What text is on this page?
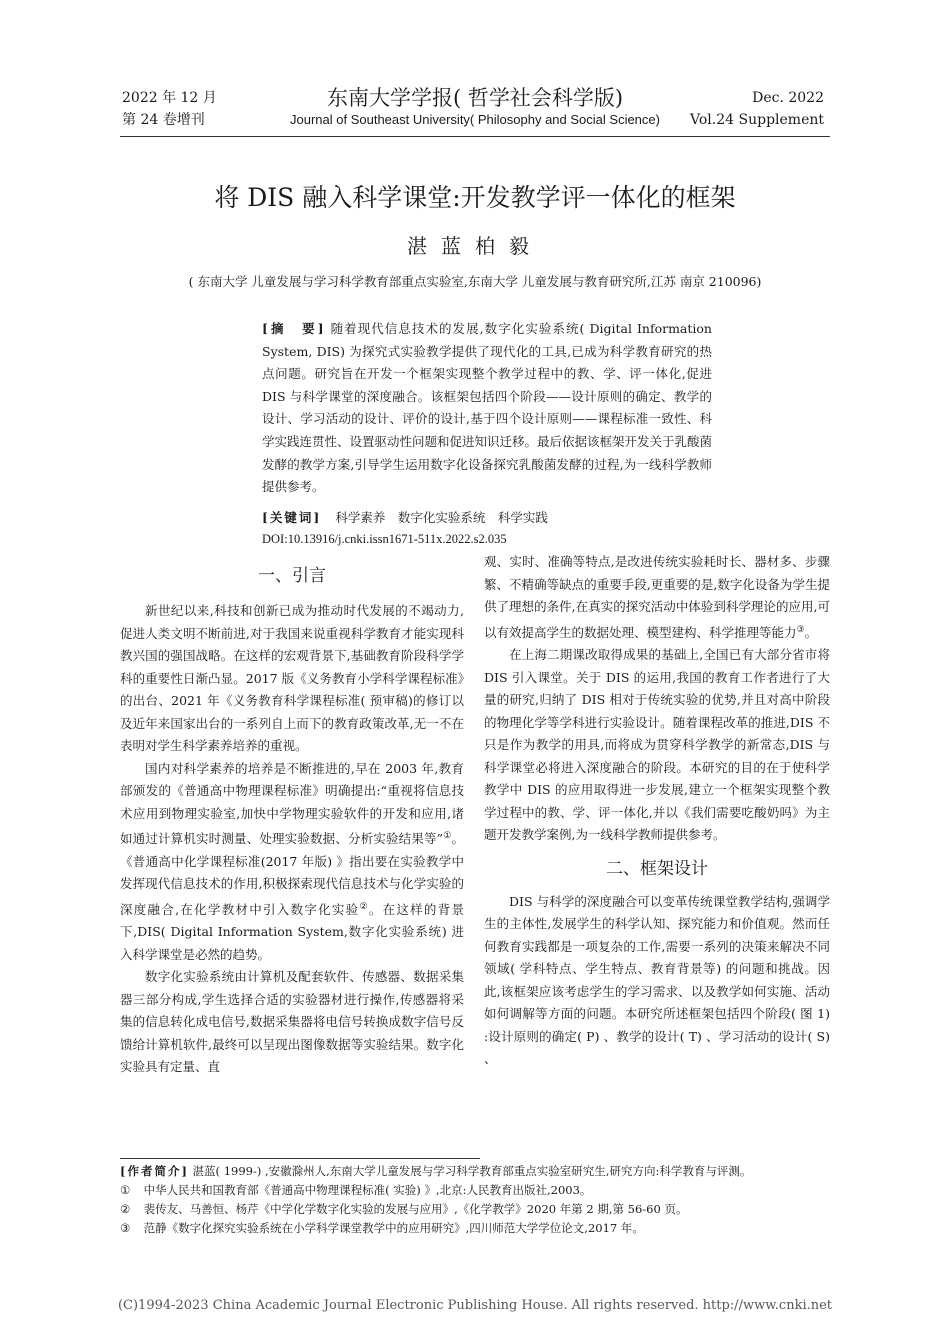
2022 年 12 月
第 24 卷增刊
东南大学学报( 哲学社会科学版)
Journal of Southeast University( Philosophy and Social Science)
Dec. 2022
Vol.24 Supplement
将 DIS 融入科学课堂:开发教学评一体化的框架
湛蓝柏毅
( 东南大学 儿童发展与学习科学教育部重点实验室,东南大学 儿童发展与教育研究所,江苏 南京 210096)
[摘　要] 随着现代信息技术的发展,数字化实验系统( Digital Information System, DIS) 为探究式实验教学提供了现代化的工具,已成为科学教育研究的热点问题。研究旨在开发一个框架实现整个教学过程中的教、学、评一体化,促进 DIS 与科学课堂的深度融合。该框架包括四个阶段——设计原则的确定、教学的设计、学习活动的设计、评价的设计,基于四个设计原则——课程标准一致性、科学实践连贯性、设置驱动性问题和促进知识迁移。最后依据该框架开发关于乳酸菌发酵的教学方案,引导学生运用数字化设备探究乳酸菌发酵的过程,为一线科学教师提供参考。
[关键词] 科学素养　数字化实验系统　科学实践
DOI:10.13916/j.cnki.issn1671-511x.2022.s2.035
一、引言

新世纪以来,科技和创新已成为推动时代发展的不竭动力,促进人类文明不断前进,对于我国来说重视科学教育才能实现科教兴国的强国战略。在这样的宏观背景下,基础教育阶段科学学科的重要性日渐凸显。2017 版《义务教育小学科学课程标准》的出台、2021 年《义务教育科学课程标准( 预审稿)的修订以及近年来国家出台的一系列自上而下的教育政策改革,无一不在表明对学生科学素养培养的重视。

国内对科学素养的培养是不断推进的,早在 2003 年,教育部颁发的《普通高中物理课程标准》明确提出:“重视将信息技术应用到物理实验室,加快中学物理实验软件的开发和应用,诸如通过计算机实时测量、处理实验数据、分析实验结果等”①。《普通高中化学课程标准(2017 年版) 》指出要在实验教学中发挥现代信息技术的作用,积极探索现代信息技术与化学实验的深度融合,在化学教材中引入数字化实验②。在这样的背景下,DIS( Digital Information System,数字化实验系统) 进入科学课堂是必然的趋势。

数字化实验系统由计算机及配套软件、传感器、数据采集器三部分构成,学生选择合适的实验器材进行操作,传感器将采集的信息转化成电信号,数据采集器将电信号转换成数字信号反馈给计算机软件,最终可以呈现出图像数据等实验结果。数字化实验具有定量、直

观、实时、准确等特点,是改进传统实验耗时长、器材多、步骤繁、不精确等缺点的重要手段,更重要的是,数字化设备为学生提供了理想的条件,在真实的探究活动中体验到科学理论的应用,可以有效提高学生的数据处理、模型建构、科学推理等能力③。

在上海二期课改取得成果的基础上,全国已有大部分省市将 DIS 引入课堂。关于 DIS 的运用,我国的教育工作者进行了大量的研究,归纳了 DIS 相对于传统实验的优势,并且对高中阶段的物理化学等学科进行实验设计。随着课程改革的推进,DIS 不只是作为教学的用具,而将成为贯穿科学教学的新常态,DIS 与科学课堂必将进入深度融合的阶段。本研究的目的在于使科学教学中 DIS 的应用取得进一步发展,建立一个框架实现整个教学过程中的教、学、评一体化,并以《我们需要吃酸奶吗》为主题开发教学案例,为一线科学教师提供参考。

二、框架设计

DIS 与科学的深度融合可以变革传统课堂教学结构,强调学生的主体性,发展学生的科学认知、探究能力和价值观。然而任何教育实践都是一项复杂的工作,需要一系列的决策来解决不同领域( 学科特点、学生特点、教育背景等) 的问题和挑战。因此,该框架应该考虑学生的学习需求、以及教学如何实施、活动如何调解等方面的问题。本研究所述框架包括四个阶段( 图 1) :设计原则的确定( P) 、教学的设计( T) 、学习活动的设计( S) 、

[作者简介] 湛蓝( 1999-) ,安徽滁州人,东南大学儿童发展与学习科学教育部重点实验室研究生,研究方向:科学教育与评测。
① 中华人民共和国教育部《普通高中物理课程标准( 实验) 》,北京:人民教育出版社,2003。
② 裴传友、马善恒、杨芹《中学化学数字化实验的发展与应用》,《化学教学》2020 年第 2 期,第 56-60 页。
③ 范静《数字化探究实验系统在小学科学课堂教学中的应用研究》,四川师范大学学位论文,2017 年。
(C)1994-2023 China Academic Journal Electronic Publishing House. All rights reserved. http://www.cnki.net
